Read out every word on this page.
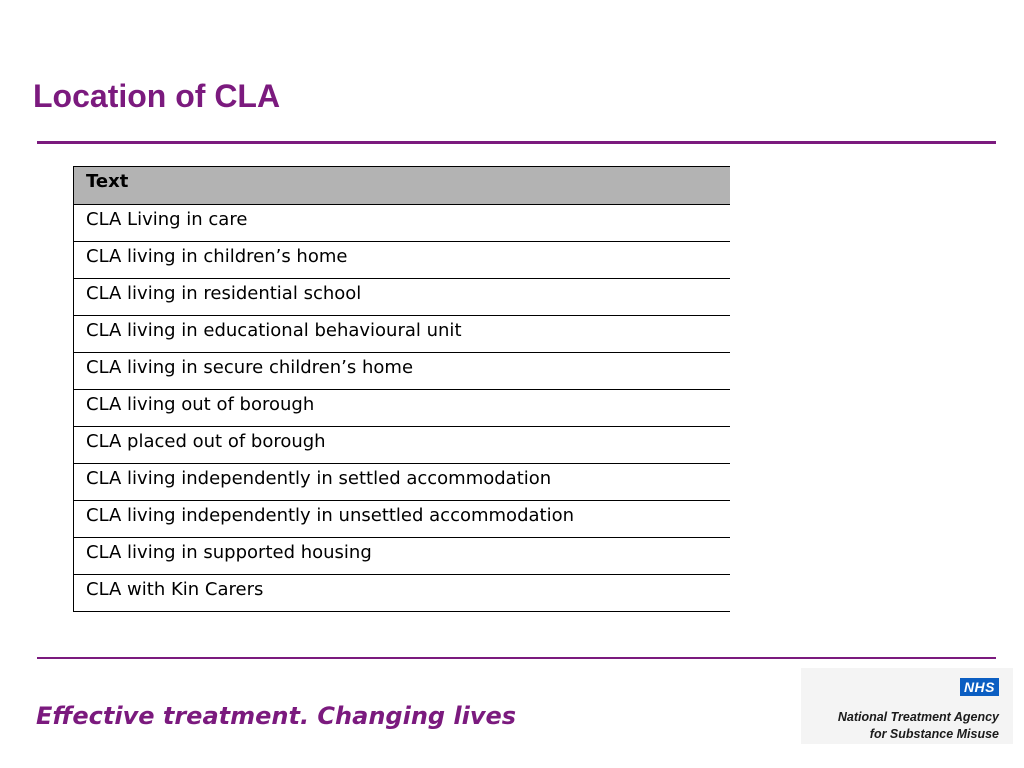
Location of CLA
Text
CLA Living in care
CLA living in children’s home
CLA living in residential school
CLA living in educational behavioural unit
CLA living in secure children’s home
CLA living out of borough
CLA placed out of borough
CLA living independently in settled accommodation
CLA living independently in unsettled accommodation
CLA living in supported housing
CLA with Kin Carers
Effective treatment. Changing lives
NHS
National Treatment Agency
for Substance Misuse
